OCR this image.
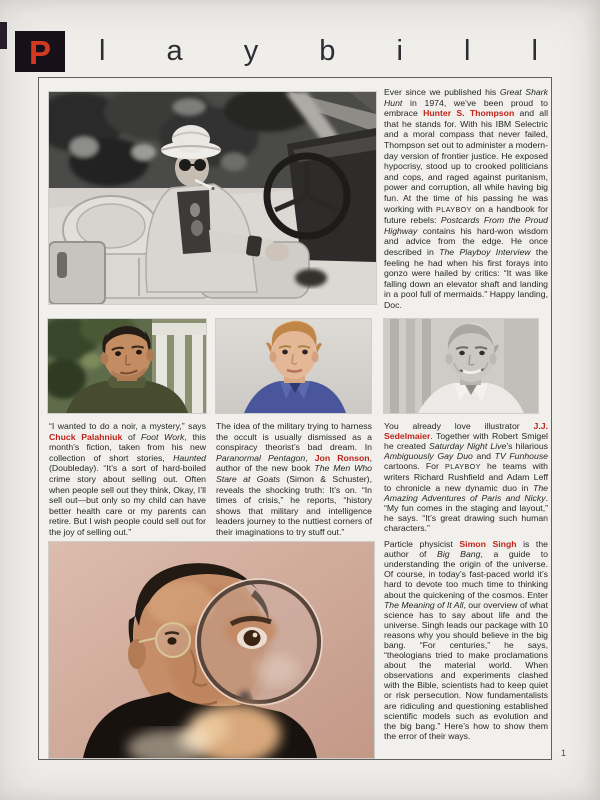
P l a y b i l l

Ever since we published his Great Shark Hunt in 1974, we’ve been proud to embrace Hunter S. Thompson and all that he stands for. With his IBM Selectric and a moral compass that never failed, Thompson set out to administer a modern-day version of frontier justice. He exposed hypocrisy, stood up to crooked politicians and cops, and raged against puritanism, power and corruption, all while having big fun. At the time of his passing he was working with PLAYBOY on a handbook for future rebels: Postcards From the Proud Highway contains his hard-won wisdom and advice from the edge. He once described in The Playboy Interview the feeling he had when his first forays into gonzo were hailed by critics: “It was like falling down an elevator shaft and landing in a pool full of mermaids.” Happy landing, Doc.

“I wanted to do a noir, a mystery,” says Chuck Palahniuk of Foot Work, this month’s fiction, taken from his new collection of short stories, Haunted (Doubleday). “It’s a sort of hard-boiled crime story about selling out. Often when people sell out they think, Okay, I’ll sell out—but only so my child can have better health care or my parents can retire. But I wish people could sell out for the joy of selling out.”

The idea of the military trying to harness the occult is usually dismissed as a conspiracy theorist’s bad dream. In Paranormal Pentagon, Jon Ronson, author of the new book The Men Who Stare at Goats (Simon & Schuster), reveals the shocking truth: It’s on. “In times of crisis,” he reports, “history shows that military and intelligence leaders journey to the nuttiest corners of their imaginations to try stuff out.”

You already love illustrator J.J. Sedelmaier. Together with Robert Smigel he created Saturday Night Live’s hilarious Ambiguously Gay Duo and TV Funhouse cartoons. For PLAYBOY he teams with writers Richard Rushfield and Adam Leff to chronicle a new dynamic duo in The Amazing Adventures of Paris and Nicky. “My fun comes in the staging and layout,” he says. “It’s great drawing such human characters.”

Particle physicist Simon Singh is the author of Big Bang, a guide to understanding the origin of the universe. Of course, in today’s fast-paced world it’s hard to devote too much time to thinking about the quickening of the cosmos. Enter The Meaning of It All, our overview of what science has to say about life and the universe. Singh leads our package with 10 reasons why you should believe in the big bang. “For centuries,” he says, “theologians tried to make proclamations about the material world. When observations and experiments clashed with the Bible, scientists had to keep quiet or risk persecution. Now fundamentalists are ridiculing and questioning established scientific models such as evolution and the big bang.” Here’s how to show them the error of their ways.

1
